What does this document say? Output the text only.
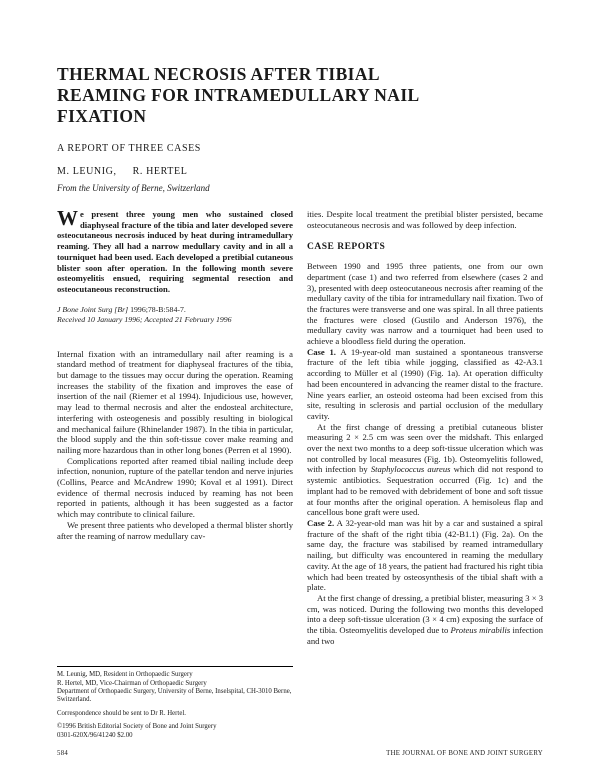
THERMAL NECROSIS AFTER TIBIAL REAMING FOR INTRAMEDULLARY NAIL FIXATION
A REPORT OF THREE CASES
M. LEUNIG, R. HERTEL
From the University of Berne, Switzerland

We present three young men who sustained closed diaphyseal fracture of the tibia and later developed severe osteocutaneous necrosis induced by heat during intramedullary reaming. They all had a narrow medullary cavity and in all a tourniquet had been used. Each developed a pretibial cutaneous blister soon after operation. In the following month severe osteomyelitis ensued, requiring segmental resection and osteocutaneous reconstruction.

J Bone Joint Surg [Br] 1996;78-B:584-7.
Received 10 January 1996; Accepted 21 February 1996

Internal fixation with an intramedullary nail after reaming is a standard method of treatment for diaphyseal fractures of the tibia, but damage to the tissues may occur during the operation. Reaming increases the stability of the fixation and improves the ease of insertion of the nail (Riemer et al 1994). Injudicious use, however, may lead to thermal necrosis and alter the endosteal architecture, interfering with osteogenesis and possibly resulting in biological and mechanical failure (Rhinelander 1987). In the tibia in particular, the blood supply and the thin soft-tissue cover make reaming and nailing more hazardous than in other long bones (Perren et al 1990).

Complications reported after reamed tibial nailing include deep infection, nonunion, rupture of the patellar tendon and nerve injuries (Collins, Pearce and McAndrew 1990; Koval et al 1991). Direct evidence of thermal necrosis induced by reaming has not been reported in patients, although it has been suggested as a factor which may contribute to clinical failure.

We present three patients who developed a thermal blister shortly after the reaming of narrow medullary cav-

M. Leunig, MD, Resident in Orthopaedic Surgery
R. Hertel, MD, Vice-Chairman of Orthopaedic Surgery
Department of Orthopaedic Surgery, University of Berne, Inselspital, CH-3010 Berne, Switzerland.
Correspondence should be sent to Dr R. Hertel.
©1996 British Editorial Society of Bone and Joint Surgery
0301-620X/96/41240 $2.00

ities. Despite local treatment the pretibial blister persisted, became osteocutaneous necrosis and was followed by deep infection.

CASE REPORTS

Between 1990 and 1995 three patients, one from our own department (case 1) and two referred from elsewhere (cases 2 and 3), presented with deep osteocutaneous necrosis after reaming of the medullary cavity of the tibia for intramedullary nail fixation. Two of the fractures were transverse and one was spiral. In all three patients the fractures were closed (Gustilo and Anderson 1976), the medullary cavity was narrow and a tourniquet had been used to achieve a bloodless field during the operation.

Case 1. A 19-year-old man sustained a spontaneous transverse fracture of the left tibia while jogging, classified as 42-A3.1 according to Müller et al (1990) (Fig. 1a). At operation difficulty had been encountered in advancing the reamer distal to the fracture. Nine years earlier, an osteoid osteoma had been excised from this site, resulting in sclerosis and partial occlusion of the medullary cavity.

At the first change of dressing a pretibial cutaneous blister measuring 2 × 2.5 cm was seen over the midshaft. This enlarged over the next two months to a deep soft-tissue ulceration which was not controlled by local measures (Fig. 1b). Osteomyelitis followed, with infection by Staphylococcus aureus which did not respond to systemic antibiotics. Sequestration occurred (Fig. 1c) and the implant had to be removed with debridement of bone and soft tissue at four months after the original operation. A hemisoleus flap and cancellous bone graft were used.

Case 2. A 32-year-old man was hit by a car and sustained a spiral fracture of the shaft of the right tibia (42-B1.1) (Fig. 2a). On the same day, the fracture was stabilised by reamed intramedullary nailing, but difficulty was encountered in reaming the medullary cavity. At the age of 18 years, the patient had fractured his right tibia which had been treated by osteosynthesis of the tibial shaft with a plate.

At the first change of dressing, a pretibial blister, measuring 3 × 3 cm, was noticed. During the following two months this developed into a deep soft-tissue ulceration (3 × 4 cm) exposing the surface of the tibia. Osteomyelitis developed due to Proteus mirabilis infection and two

584	THE JOURNAL OF BONE AND JOINT SURGERY
